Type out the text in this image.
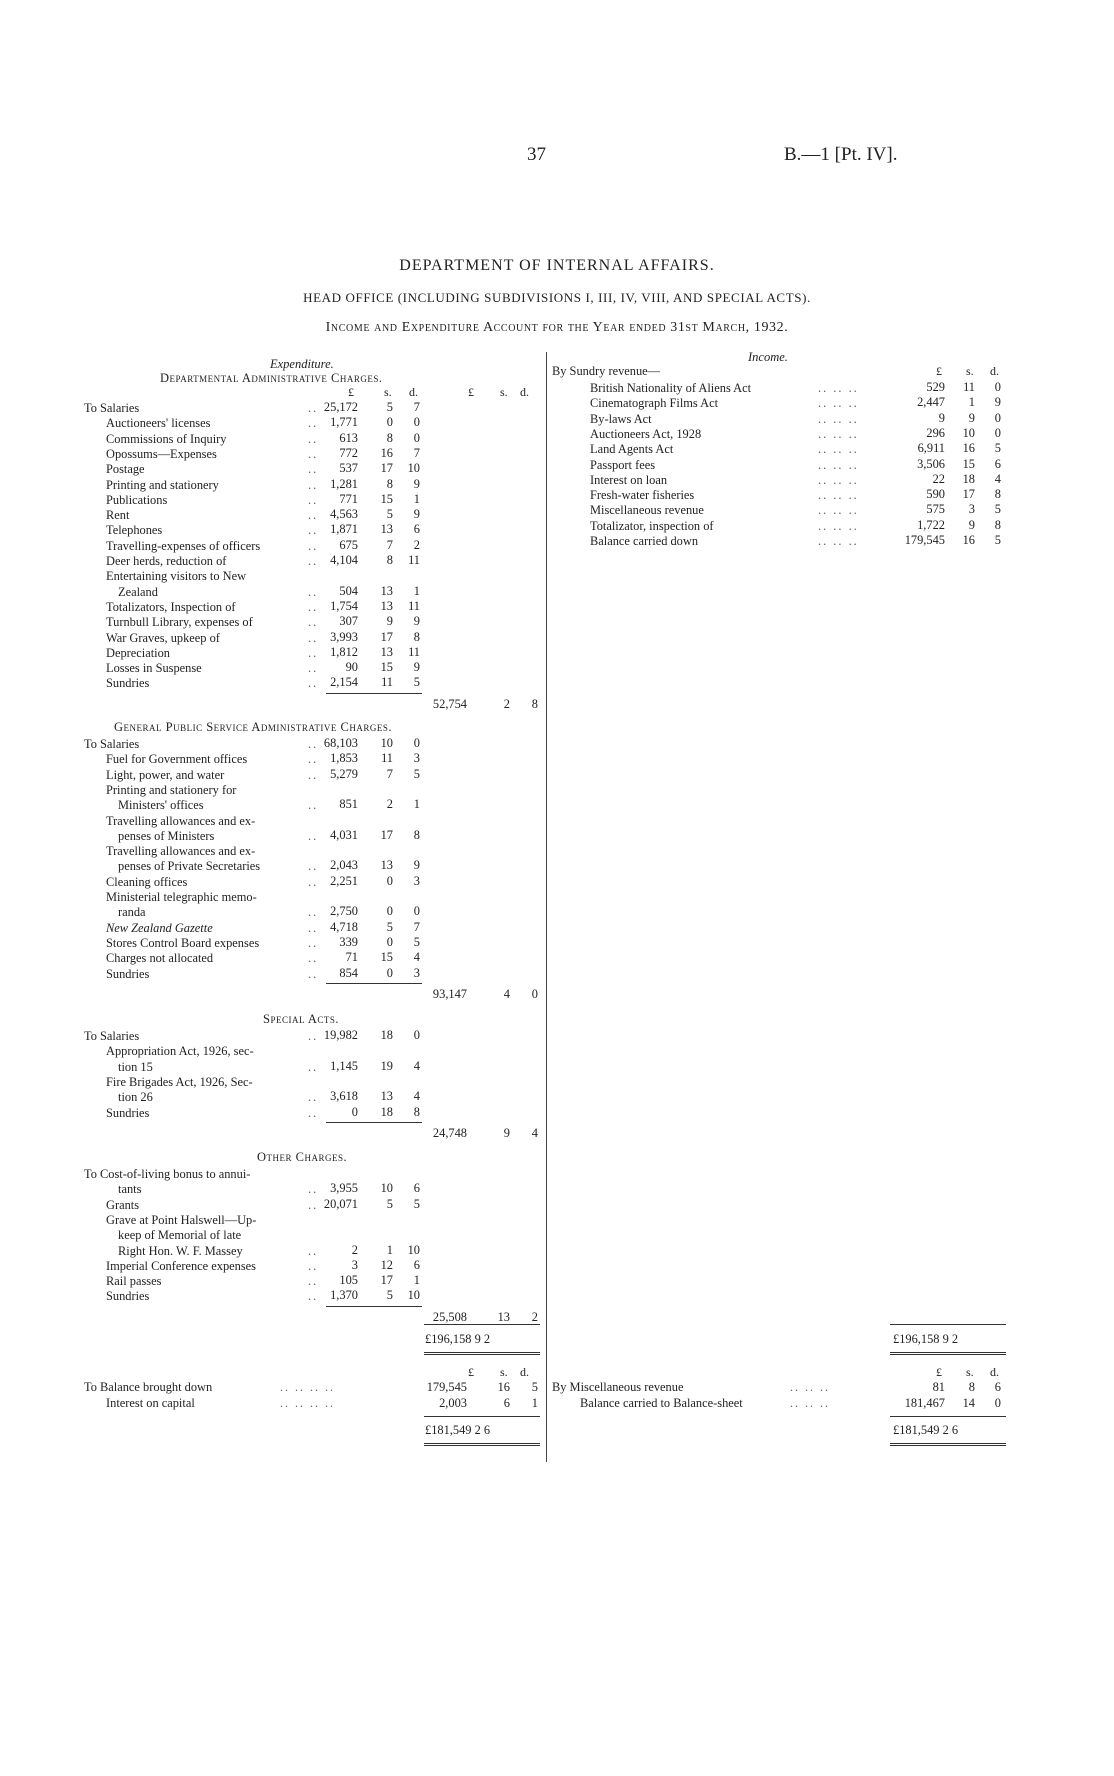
37	B.—1 [Pt. IV].
DEPARTMENT OF INTERNAL AFFAIRS.
HEAD OFFICE (INCLUDING SUBDIVISIONS I, III, IV, VIII, AND SPECIAL ACTS).
Income and Expenditure Account for the Year ended 31st March, 1932.
Expenditure.
£	s. d.	£ s. d.
Departmental Administrative Charges.
To Salaries	.. 25,172	5	7
Auctioneers' licenses	.. 1,771	0	0
Commissions of Inquiry	..	613	8	0
Opossums—Expenses	..	772	16	7
Postage	..	537	17	10
Printing and stationery	.. 1,281	8	9
Publications	..	771	15	1
Rent	.. 4,563	5	9
Telephones	.. 1,871	13	6
Travelling-expenses of officers	..	675	7	2
Deer herds, reduction of	.. 4,104	8	11
Entertaining visitors to New
Zealand	..	504	13	1
Totalizators, Inspection of	.. 1,754	13	11
Turnbull Library, expenses of	..	307	9	9
War Graves, upkeep of	.. 3,993	17	8
Depreciation	.. 1,812	13	11
Losses in Suspense	..	90	15	9
Sundries	.. 2,154	11	5
52,754	2	8
General Public Service Administrative Charges.
To Salaries	.. 68,103	10	0
Fuel for Government offices	.. 1,853	11	3
Light, power, and water	.. 5,279	7	5
Printing and stationery for
Ministers' offices	..	851	2	1
Travelling allowances and ex-
penses of Ministers	.. 4,031	17	8
Travelling allowances and ex-
penses of Private Secretaries	.. 2,043	13	9
Cleaning offices	.. 2,251	0	3
Ministerial telegraphic memo-
randa	.. 2,750	0	0
New Zealand Gazette	.. 4,718	5	7
Stores Control Board expenses	..	339	0	5
Charges not allocated	..	71	15	4
Sundries	..	854	0	3
93,147	4	0
Special Acts.
To Salaries	.. 19,982	18	0
Appropriation Act, 1926, sec-
tion 15	.. 1,145	19	4
Fire Brigades Act, 1926, Sec-
tion 26	.. 3,618	13	4
Sundries	..	0	18	8
24,748	9	4
Other Charges.
To Cost-of-living bonus to annui-
tants	.. 3,955	10	6
Grants	.. 20,071	5	5
Grave at Point Halswell—Up-
keep of Memorial of late
Right Hon. W. F. Massey	..	2	1	10
Imperial Conference expenses	..	3	12	6
Rail passes	..	105	17	1
Sundries	.. 1,370	5	10
25,508	13	2
£196,158 9 2
£ s. d.
To Balance brought down	.. .. .. ..	179,545	16	5
Interest on capital	.. .. .. ..	2,003	6	1
£181,549 2 6
Income.
By Sundry revenue—	£ s. d.
British Nationality of Aliens Act	.. .. ..	529	11	0
Cinematograph Films Act	.. .. ..	2,447	1	9
By-laws Act	.. .. ..	9	9	0
Auctioneers Act, 1928	.. .. ..	296	10	0
Land Agents Act	.. .. ..	6,911	16	5
Passport fees	.. .. ..	3,506	15	6
Interest on loan	.. .. ..	22	18	4
Fresh-water fisheries	.. .. ..	590	17	8
Miscellaneous revenue	.. .. ..	575	3	5
Totalizator, inspection of	.. .. ..	1,722	9	8
Balance carried down	.. .. ..	179,545	16	5
£196,158 9 2
£ s. d.
By Miscellaneous revenue	.. .. ..	81	8	6
Balance carried to Balance-sheet	.. .. ..	181,467	14	0
£181,549 2 6
